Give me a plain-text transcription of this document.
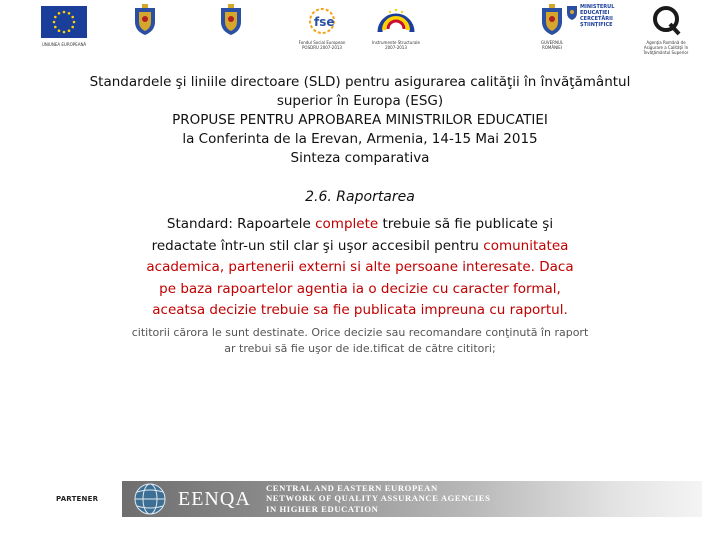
UNIUNEA EUROPEANĂ
fse
Fondul Social European
POSDRU 2007-2013
Instrumente Structurale
2007-2013
GUVERNUL ROMÂNIEI
MINISTERUL
EDUCAȚIEI
CERCETĂRII
ȘTIINȚIFICE
Agenţia Română de
Asigurare a Calităţii în
Învăţământul Superior
Standardele şi liniile directoare (SLD) pentru asigurarea calităţii în învăţământul
superior în Europa (ESG)
PROPUSE PENTRU APROBAREA MINISTRILOR EDUCATIEI
la Conferinta de la Erevan, Armenia, 14-15 Mai 2015
Sinteza comparativa
2.6. Raportarea
Standard: Rapoartele complete trebuie să fie publicate şi
redactate într-un stil clar şi uşor accesibil pentru comunitatea
academica, partenerii externi si alte persoane interesate. Daca
pe baza rapoartelor agentia ia o decizie cu caracter formal,
aceatsa decizie trebuie sa fie publicata impreuna cu raportul.
cititorii cărora le sunt destinate. Orice decizie sau recomandare conţinută în raport
ar trebui să fie uşor de ide.tificat de către cititori;
PARTENER	EENQA CENTRAL AND EASTERN EUROPEAN
NETWORK OF QUALITY ASSURANCE AGENCIES
IN HIGHER EDUCATION
